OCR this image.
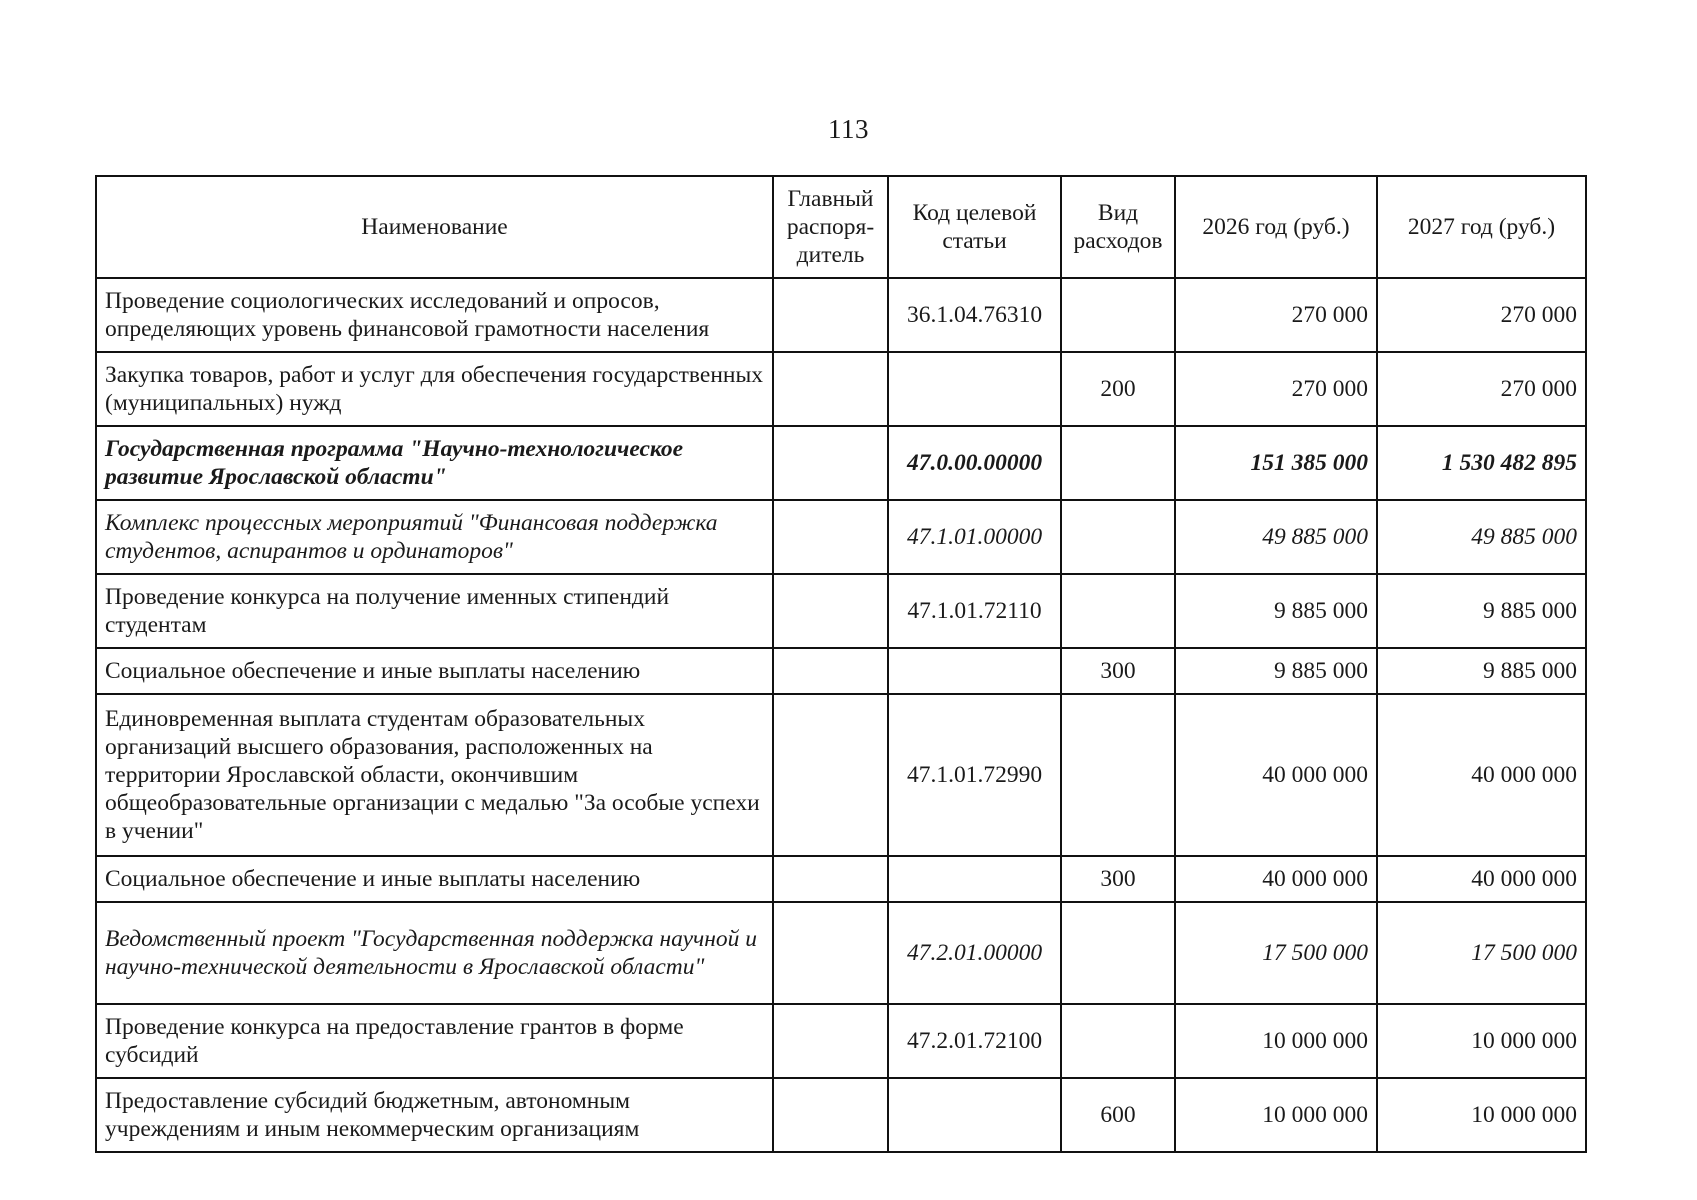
113
Наименование	Главный распоря-дитель	Код целевой статьи	Вид расходов	2026 год (руб.)	2027 год (руб.)
Проведение социологических исследований и опросов, определяющих уровень финансовой грамотности населения		36.1.04.76310		270 000	270 000
Закупка товаров, работ и услуг для обеспечения государственных (муниципальных) нужд			200	270 000	270 000
Государственная программа "Научно-технологическое развитие Ярославской области"		47.0.00.00000		151 385 000	1 530 482 895
Комплекс процессных мероприятий "Финансовая поддержка студентов, аспирантов и ординаторов"		47.1.01.00000		49 885 000	49 885 000
Проведение конкурса на получение именных стипендий студентам		47.1.01.72110		9 885 000	9 885 000
Социальное обеспечение и иные выплаты населению			300	9 885 000	9 885 000
Единовременная выплата студентам образовательных организаций высшего образования, расположенных на территории Ярославской области, окончившим общеобразовательные организации с медалью "За особые успехи в учении"		47.1.01.72990		40 000 000	40 000 000
Социальное обеспечение и иные выплаты населению			300	40 000 000	40 000 000
Ведомственный проект "Государственная поддержка научной и научно-технической деятельности в Ярославской области"		47.2.01.00000		17 500 000	17 500 000
Проведение конкурса на предоставление грантов в форме субсидий		47.2.01.72100		10 000 000	10 000 000
Предоставление субсидий бюджетным, автономным учреждениям и иным некоммерческим организациям			600	10 000 000	10 000 000
